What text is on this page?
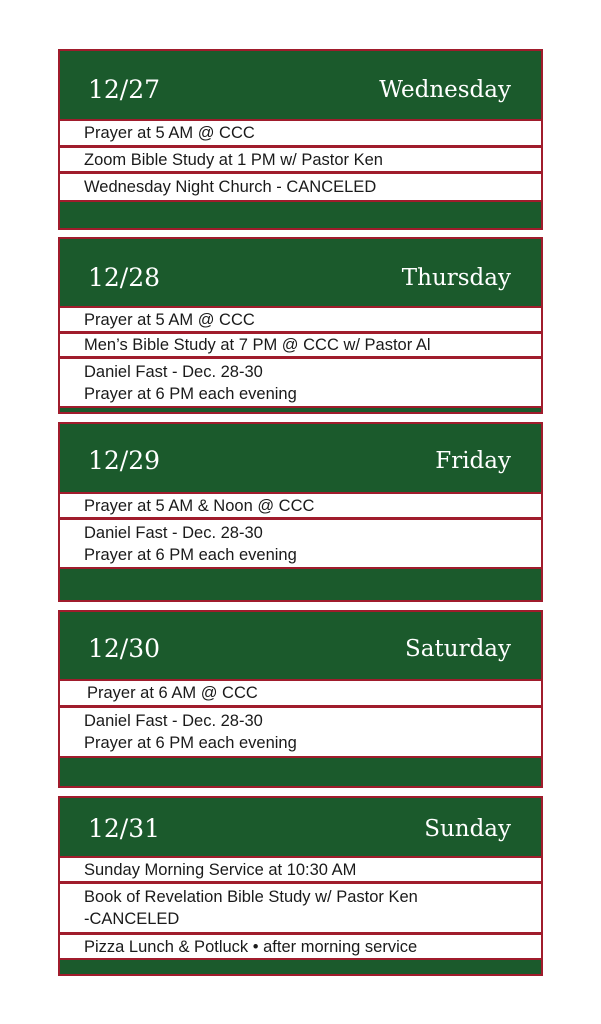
12/27	Wednesday
Prayer at 5 AM @ CCC
Zoom Bible Study at 1 PM w/ Pastor Ken
Wednesday Night Church - CANCELED
12/28	Thursday
Prayer at 5 AM @ CCC
Men’s Bible Study at 7 PM @ CCC w/ Pastor Al
Daniel Fast - Dec. 28-30
Prayer at 6 PM each evening
12/29	Friday
Prayer at 5 AM & Noon @ CCC
Daniel Fast - Dec. 28-30
Prayer at 6 PM each evening
12/30	Saturday
Prayer at 6 AM @ CCC
Daniel Fast - Dec. 28-30
Prayer at 6 PM each evening
12/31	Sunday
Sunday Morning Service at 10:30 AM
Book of Revelation Bible Study w/ Pastor Ken
-CANCELED
Pizza Lunch & Potluck • after morning service
